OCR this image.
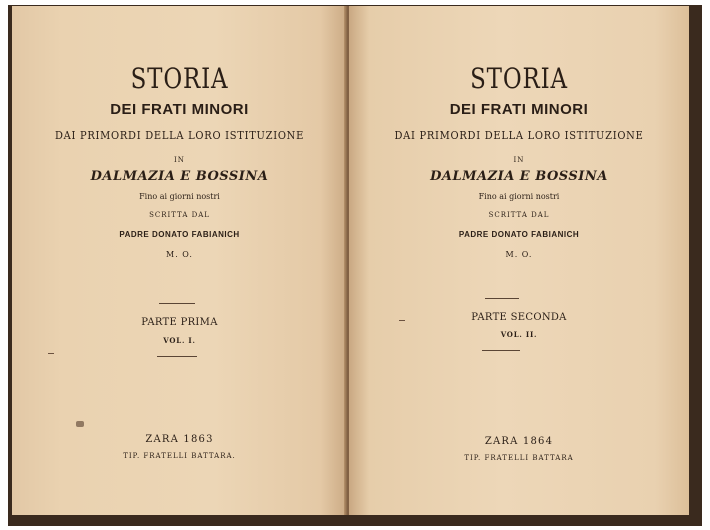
STORIA
DEI FRATI MINORI
DAI PRIMORDI DELLA LORO ISTITUZIONE
IN
DALMAZIA E BOSSINA
Fino ai giorni nostri
SCRITTA DAL
PADRE DONATO FABIANICH
M. O.
PARTE PRIMA
VOL. I.
ZARA 1863
TIP. FRATELLI BATTARA.
STORIA
DEI FRATI MINORI
DAI PRIMORDI DELLA LORO ISTITUZIONE
IN
DALMAZIA E BOSSINA
Fino ai giorni nostri
SCRITTA DAL
PADRE DONATO FABIANICH
M. O.
PARTE SECONDA
VOL. II.
ZARA 1864
TIP. FRATELLI BATTARA
